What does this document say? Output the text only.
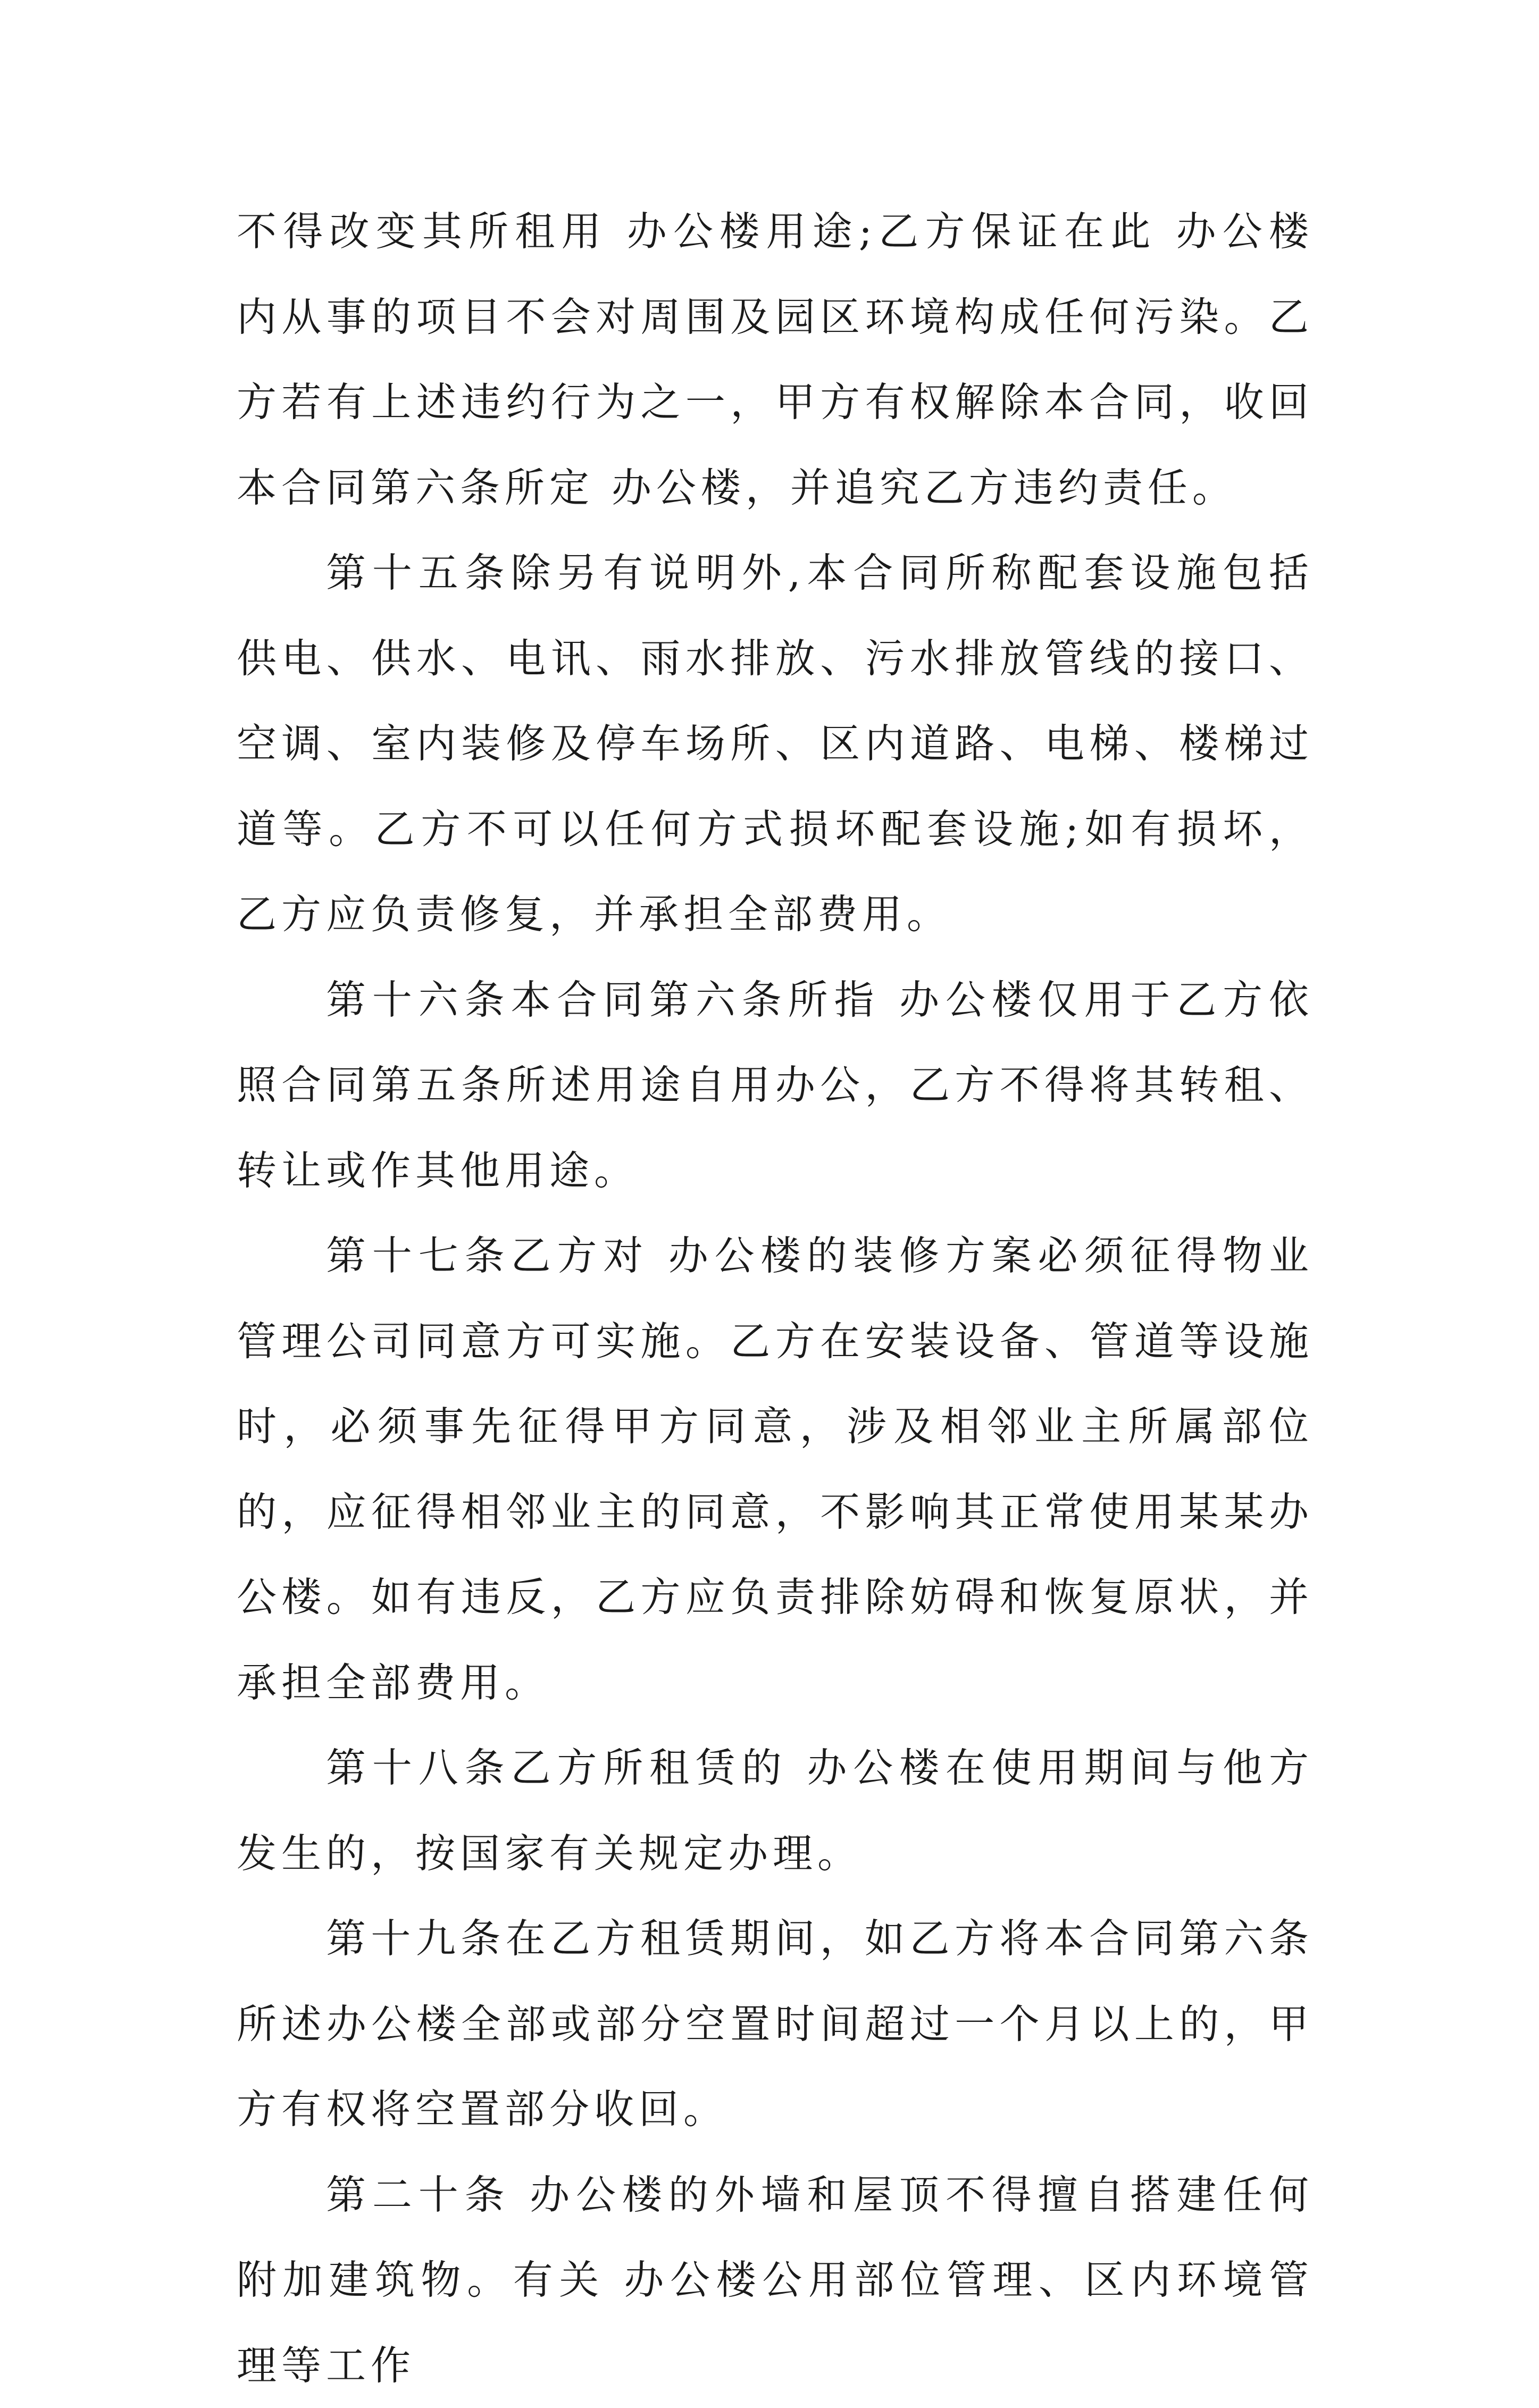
不得改变其所租用 办公楼用途;乙方保证在此 办公楼内从事的项目不会对周围及园区环境构成任何污染。乙方若有上述违约行为之一，甲方有权解除本合同，收回本合同第六条所定 办公楼，并追究乙方违约责任。

第十五条除另有说明外,本合同所称配套设施包括供电、供水、电讯、雨水排放、污水排放管线的接口、空调、室内装修及停车场所、区内道路、电梯、楼梯过道等。乙方不可以任何方式损坏配套设施;如有损坏，乙方应负责修复，并承担全部费用。

第十六条本合同第六条所指 办公楼仅用于乙方依照合同第五条所述用途自用办公，乙方不得将其转租、转让或作其他用途。

第十七条乙方对 办公楼的装修方案必须征得物业管理公司同意方可实施。乙方在安装设备、管道等设施时，必须事先征得甲方同意，涉及相邻业主所属部位的，应征得相邻业主的同意，不影响其正常使用某某办公楼。如有违反，乙方应负责排除妨碍和恢复原状，并承担全部费用。

第十八条乙方所租赁的 办公楼在使用期间与他方发生的，按国家有关规定办理。

第十九条在乙方租赁期间，如乙方将本合同第六条所述办公楼全部或部分空置时间超过一个月以上的，甲方有权将空置部分收回。

第二十条 办公楼的外墙和屋顶不得擅自搭建任何附加建筑物。有关 办公楼公用部位管理、区内环境管理等工作
